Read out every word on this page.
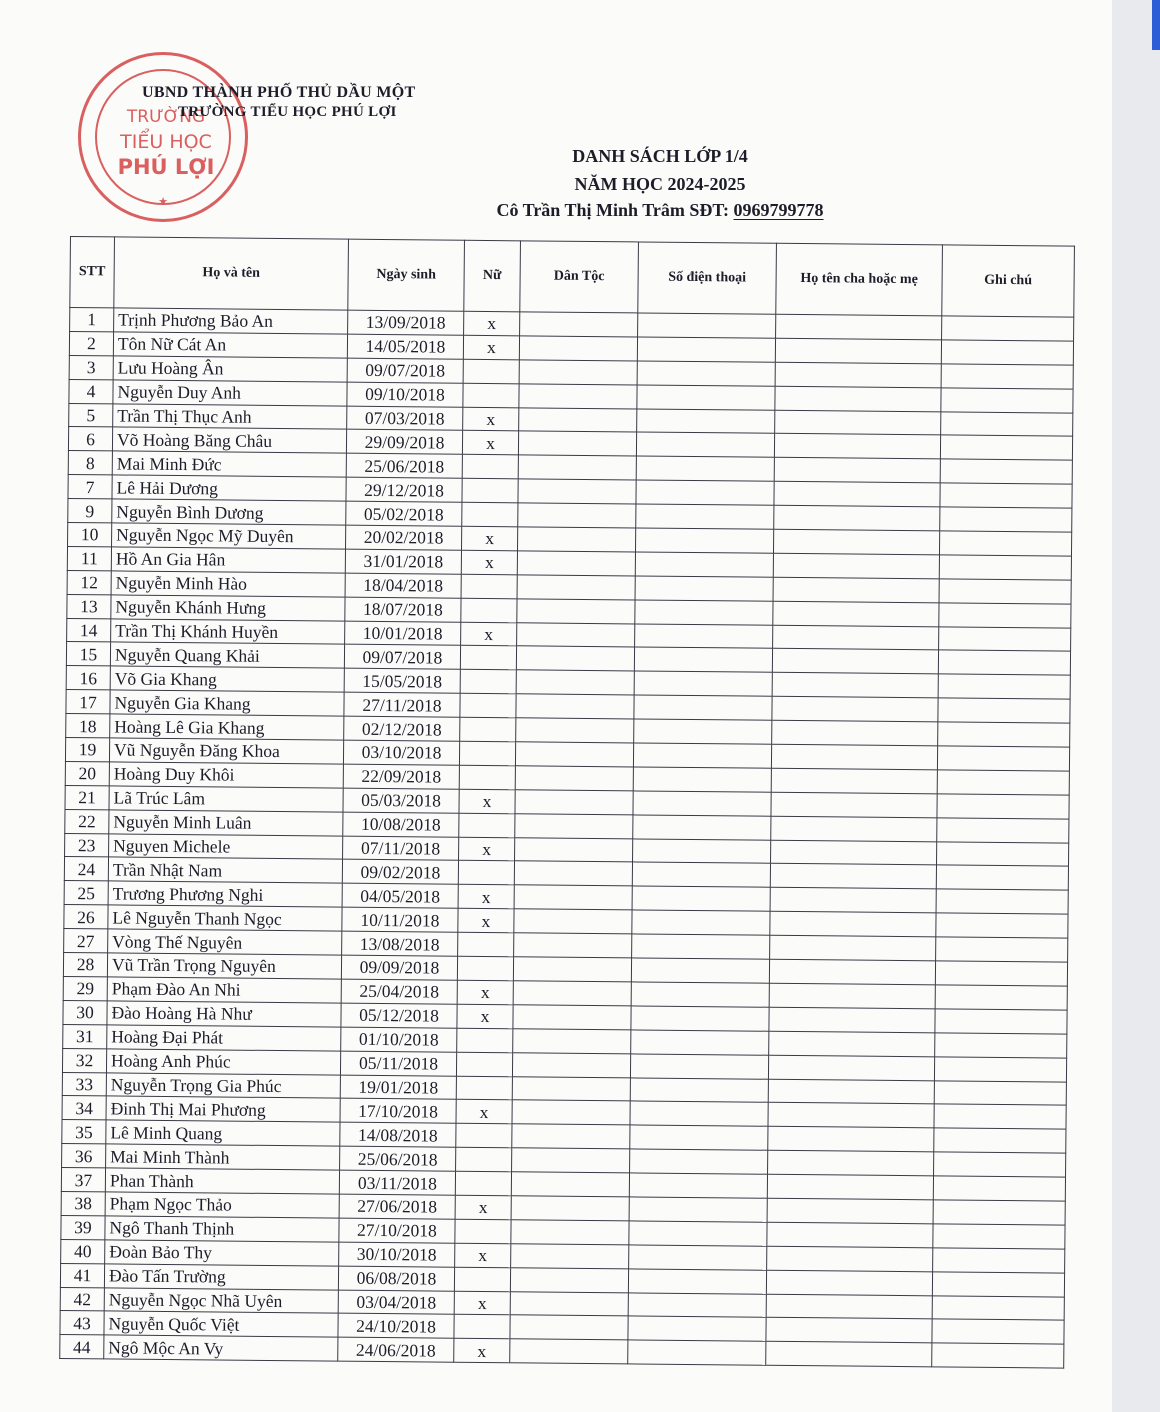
★
TRƯỜNG
TIỂU HỌC
PHÚ LỢI
UBND THÀNH PHỐ THỦ DẦU MỘT
TRƯỜNG TIỂU HỌC PHÚ LỢI
DANH SÁCH LỚP 1/4
NĂM HỌC 2024-2025
Cô Trần Thị Minh Trâm SĐT: 0969799778
STT	Họ và tên	Ngày sinh	Nữ	Dân Tộc	Số điện thoại	Họ tên cha hoặc mẹ	Ghi chú
1	Trịnh Phương Bảo An	13/09/2018	x				
2	Tôn Nữ Cát An	14/05/2018	x				
3	Lưu Hoàng Ân	09/07/2018					
4	Nguyễn Duy Anh	09/10/2018					
5	Trần Thị Thục Anh	07/03/2018	x				
6	Võ Hoàng Băng Châu	29/09/2018	x				
8	Mai Minh Đức	25/06/2018					
7	Lê Hải Dương	29/12/2018					
9	Nguyễn Bình Dương	05/02/2018					
10	Nguyễn Ngọc Mỹ Duyên	20/02/2018	x				
11	Hồ An Gia Hân	31/01/2018	x				
12	Nguyễn Minh Hào	18/04/2018					
13	Nguyễn Khánh Hưng	18/07/2018					
14	Trần Thị Khánh Huyền	10/01/2018	x				
15	Nguyễn Quang Khải	09/07/2018					
16	Võ Gia Khang	15/05/2018					
17	Nguyễn Gia Khang	27/11/2018					
18	Hoàng Lê Gia Khang	02/12/2018					
19	Vũ Nguyễn Đăng Khoa	03/10/2018					
20	Hoàng Duy Khôi	22/09/2018					
21	Lã Trúc Lâm	05/03/2018	x				
22	Nguyễn Minh Luân	10/08/2018					
23	Nguyen Michele	07/11/2018	x				
24	Trần Nhật Nam	09/02/2018					
25	Trương Phương Nghi	04/05/2018	x				
26	Lê Nguyễn Thanh Ngọc	10/11/2018	x				
27	Vòng Thế Nguyên	13/08/2018					
28	Vũ Trần Trọng Nguyên	09/09/2018					
29	Phạm Đào An Nhi	25/04/2018	x				
30	Đào Hoàng Hà Như	05/12/2018	x				
31	Hoàng Đại Phát	01/10/2018					
32	Hoàng Anh Phúc	05/11/2018					
33	Nguyễn Trọng Gia Phúc	19/01/2018					
34	Đinh Thị Mai Phương	17/10/2018	x				
35	Lê Minh Quang	14/08/2018					
36	Mai Minh Thành	25/06/2018					
37	Phan Thành	03/11/2018					
38	Phạm Ngọc Thảo	27/06/2018	x				
39	Ngô Thanh Thịnh	27/10/2018					
40	Đoàn Bảo Thy	30/10/2018	x				
41	Đào Tấn Trường	06/08/2018					
42	Nguyễn Ngọc Nhã Uyên	03/04/2018	x				
43	Nguyễn Quốc Việt	24/10/2018					
44	Ngô Mộc An Vy	24/06/2018	x				
